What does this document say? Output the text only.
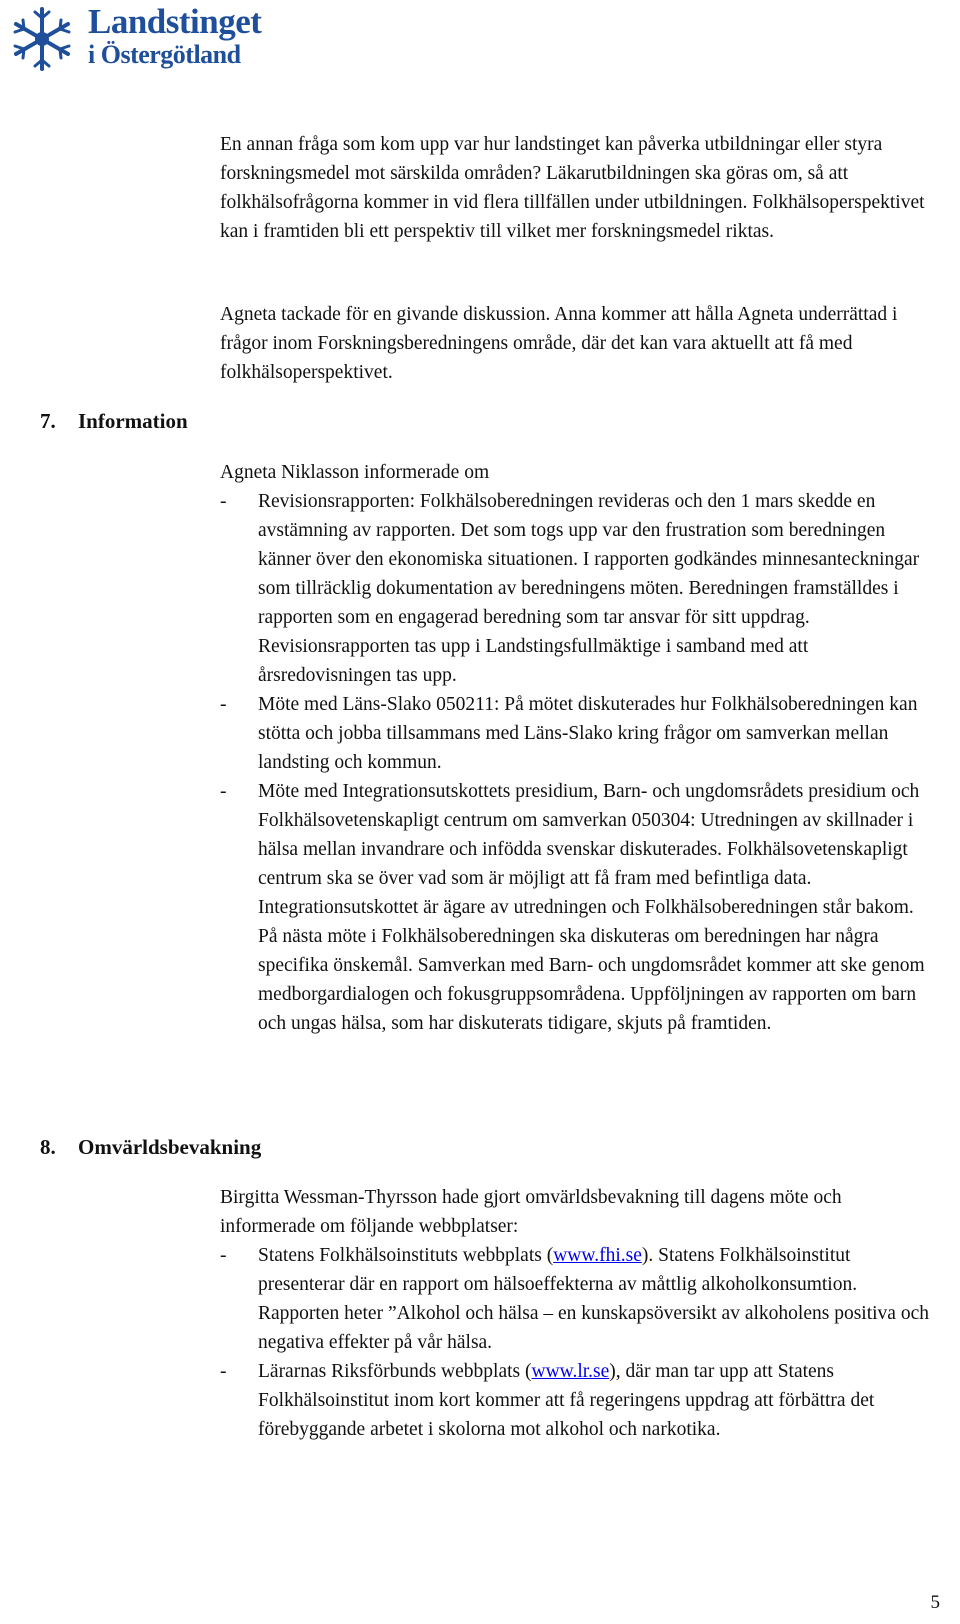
Landstinget
i Östergötland

En annan fråga som kom upp var hur landstinget kan påverka utbildningar eller styra forskningsmedel mot särskilda områden? Läkarutbildningen ska göras om, så att folkhälsofrågorna kommer in vid flera tillfällen under utbildningen. Folkhälsoperspektivet kan i framtiden bli ett perspektiv till vilket mer forskningsmedel riktas.

Agneta tackade för en givande diskussion. Anna kommer att hålla Agneta underrättad i frågor inom Forskningsberedningens område, där det kan vara aktuellt att få med folkhälsoperspektivet.

7. Information

Agneta Niklasson informerade om

- Revisionsrapporten: Folkhälsoberedningen revideras och den 1 mars skedde en avstämning av rapporten. Det som togs upp var den frustration som beredningen känner över den ekonomiska situationen. I rapporten godkändes minnesanteckningar som tillräcklig dokumentation av beredningens möten. Beredningen framställdes i rapporten som en engagerad beredning som tar ansvar för sitt uppdrag. Revisionsrapporten tas upp i Landstingsfullmäktige i samband med att årsredovisningen tas upp.
- Möte med Läns-Slako 050211: På mötet diskuterades hur Folkhälsoberedningen kan stötta och jobba tillsammans med Läns-Slako kring frågor om samverkan mellan landsting och kommun.
- Möte med Integrationsutskottets presidium, Barn- och ungdomsrådets presidium och Folkhälsovetenskapligt centrum om samverkan 050304: Utredningen av skillnader i hälsa mellan invandrare och infödda svenskar diskuterades. Folkhälsovetenskapligt centrum ska se över vad som är möjligt att få fram med befintliga data. Integrationsutskottet är ägare av utredningen och Folkhälsoberedningen står bakom. På nästa möte i Folkhälsoberedningen ska diskuteras om beredningen har några specifika önskemål. Samverkan med Barn- och ungdomsrådet kommer att ske genom medborgardialogen och fokusgruppsområdena. Uppföljningen av rapporten om barn och ungas hälsa, som har diskuterats tidigare, skjuts på framtiden.
8. Omvärldsbevakning

Birgitta Wessman-Thyrsson hade gjort omvärldsbevakning till dagens möte och informerade om följande webbplatser:

- Statens Folkhälsoinstituts webbplats (www.fhi.se). Statens Folkhälsoinstitut presenterar där en rapport om hälsoeffekterna av måttlig alkoholkonsumtion. Rapporten heter ”Alkohol och hälsa – en kunskapsöversikt av alkoholens positiva och negativa effekter på vår hälsa.
- Lärarnas Riksförbunds webbplats (www.lr.se), där man tar upp att Statens Folkhälsoinstitut inom kort kommer att få regeringens uppdrag att förbättra det förebyggande arbetet i skolorna mot alkohol och narkotika.
5
